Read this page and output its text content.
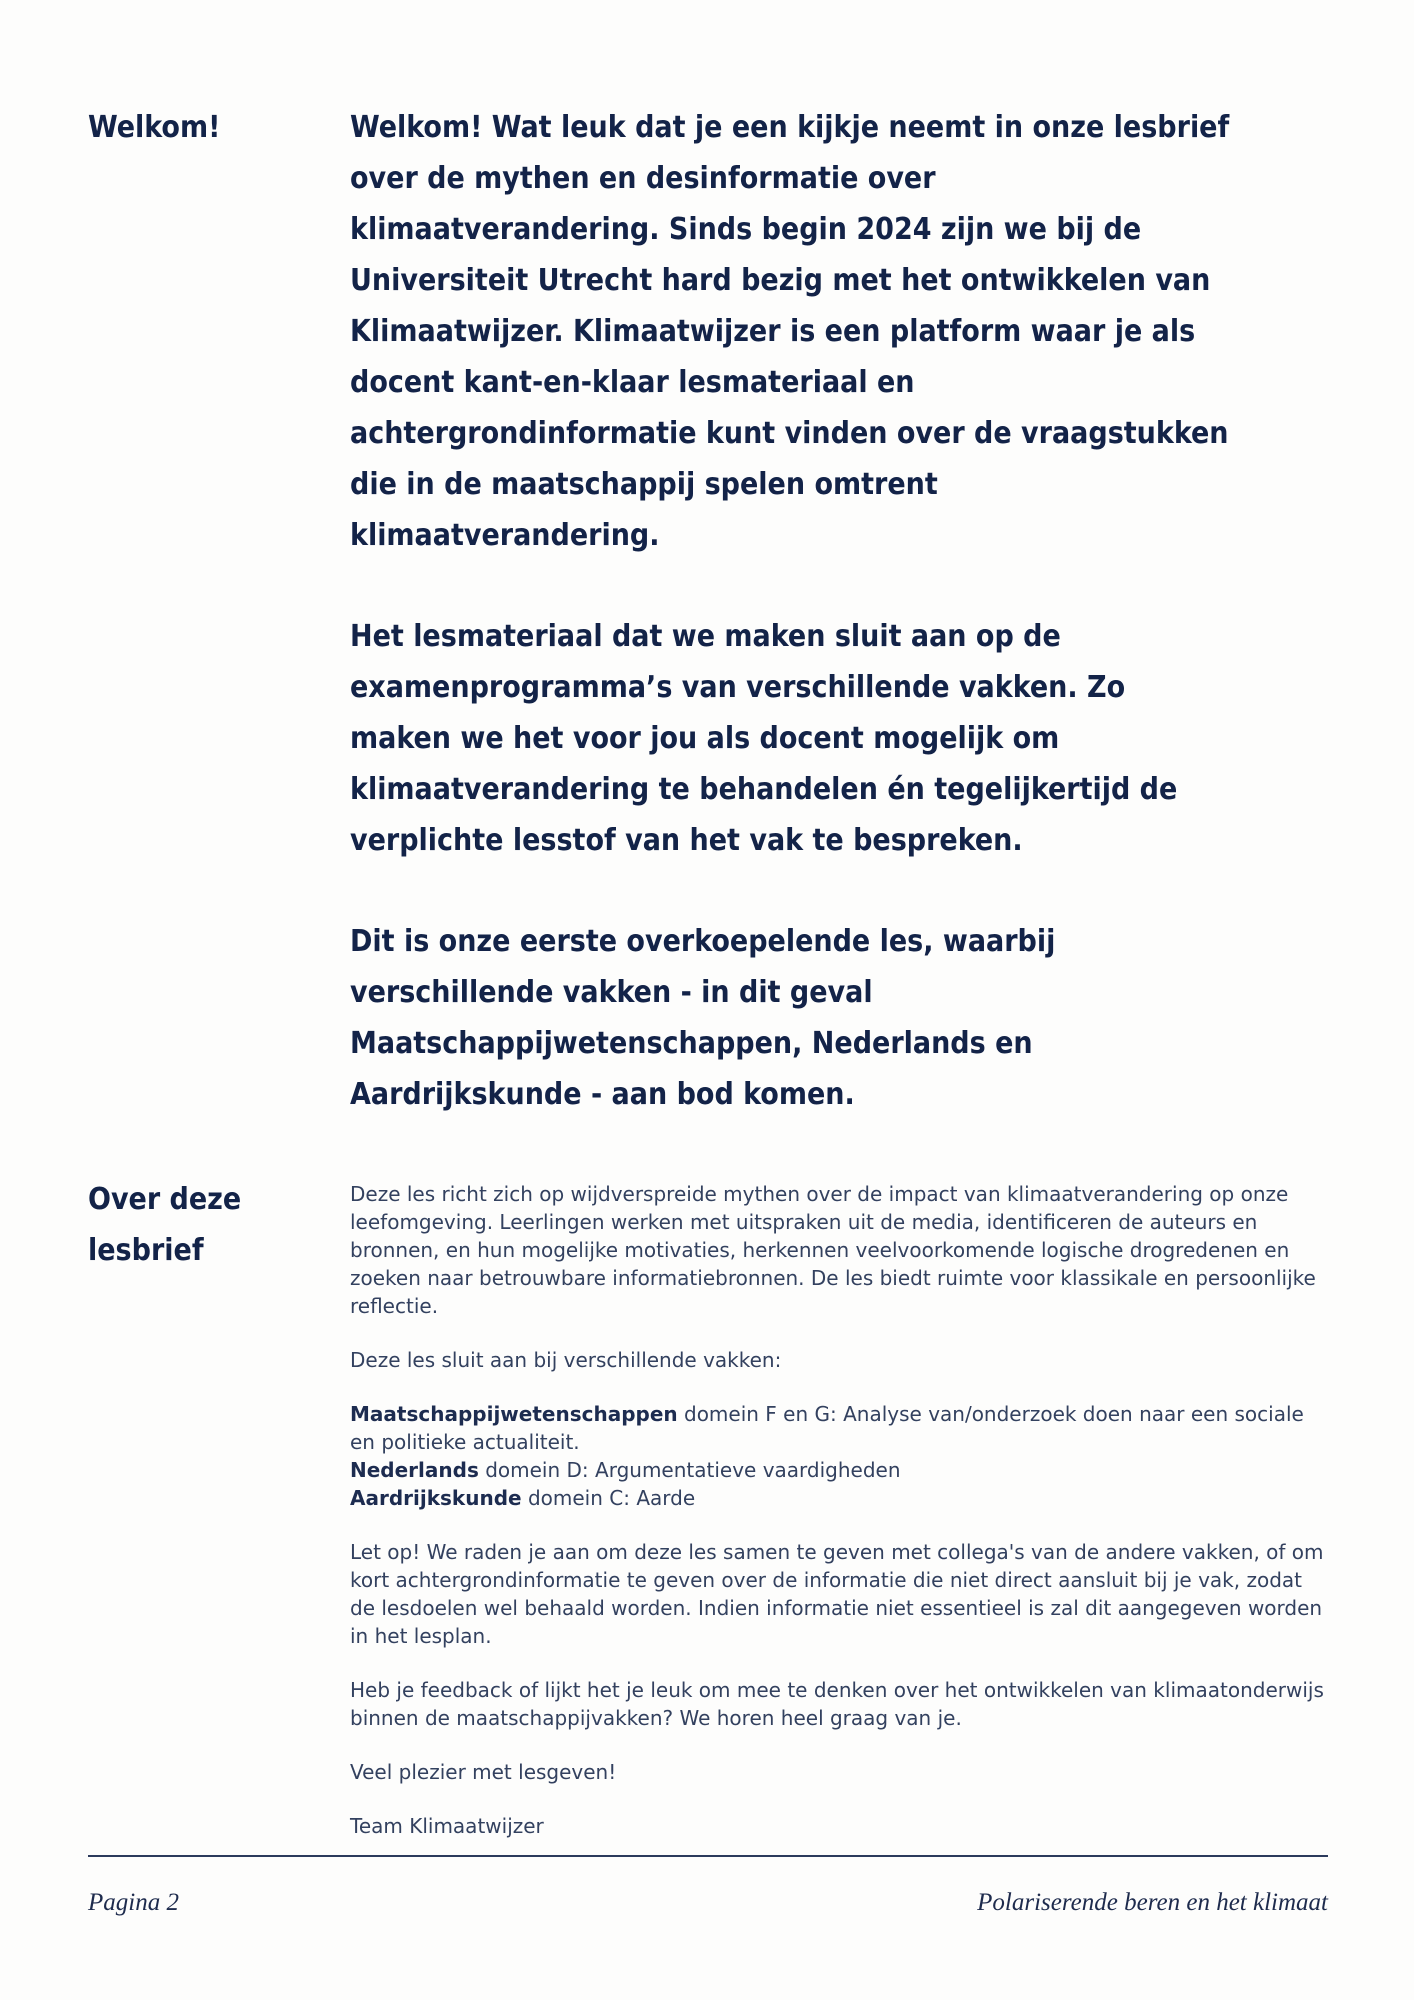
Welkom!	Welkom! Wat leuk dat je een kijkje neemt in onze lesbrief over de mythen en desinformatie over klimaatverandering. Sinds begin 2024 zijn we bij de Universiteit Utrecht hard bezig met het ontwikkelen van Klimaatwijzer. Klimaatwijzer is een platform waar je als docent kant-en-klaar lesmateriaal en achtergrondinformatie kunt vinden over de vraagstukken die in de maatschappij spelen omtrent klimaatverandering.

Het lesmateriaal dat we maken sluit aan op de examenprogramma’s van verschillende vakken. Zo maken we het voor jou als docent mogelijk om klimaatverandering te behandelen én tegelijkertijd de verplichte lesstof van het vak te bespreken.

Dit is onze eerste overkoepelende les, waarbij verschillende vakken - in dit geval Maatschappijwetenschappen, Nederlands en Aardrijkskunde - aan bod komen.

Over deze lesbrief

Deze les richt zich op wijdverspreide mythen over de impact van klimaatverandering op onze leefomgeving. Leerlingen werken met uitspraken uit de media, identificeren de auteurs en bronnen, en hun mogelijke motivaties, herkennen veelvoorkomende logische drogredenen en zoeken naar betrouwbare informatiebronnen. De les biedt ruimte voor klassikale en persoonlijke reflectie.

Deze les sluit aan bij verschillende vakken:

Maatschappijwetenschappen domein F en G: Analyse van/onderzoek doen naar een sociale en politieke actualiteit.
Nederlands domein D: Argumentatieve vaardigheden
Aardrijkskunde domein C: Aarde

Let op! We raden je aan om deze les samen te geven met collega's van de andere vakken, of om kort achtergrondinformatie te geven over de informatie die niet direct aansluit bij je vak, zodat de lesdoelen wel behaald worden. Indien informatie niet essentieel is zal dit aangegeven worden in het lesplan.

Heb je feedback of lijkt het je leuk om mee te denken over het ontwikkelen van klimaatonderwijs binnen de maatschappijvakken? We horen heel graag van je.

Veel plezier met lesgeven!

Team Klimaatwijzer

Pagina 2	Polariserende beren en het klimaat
